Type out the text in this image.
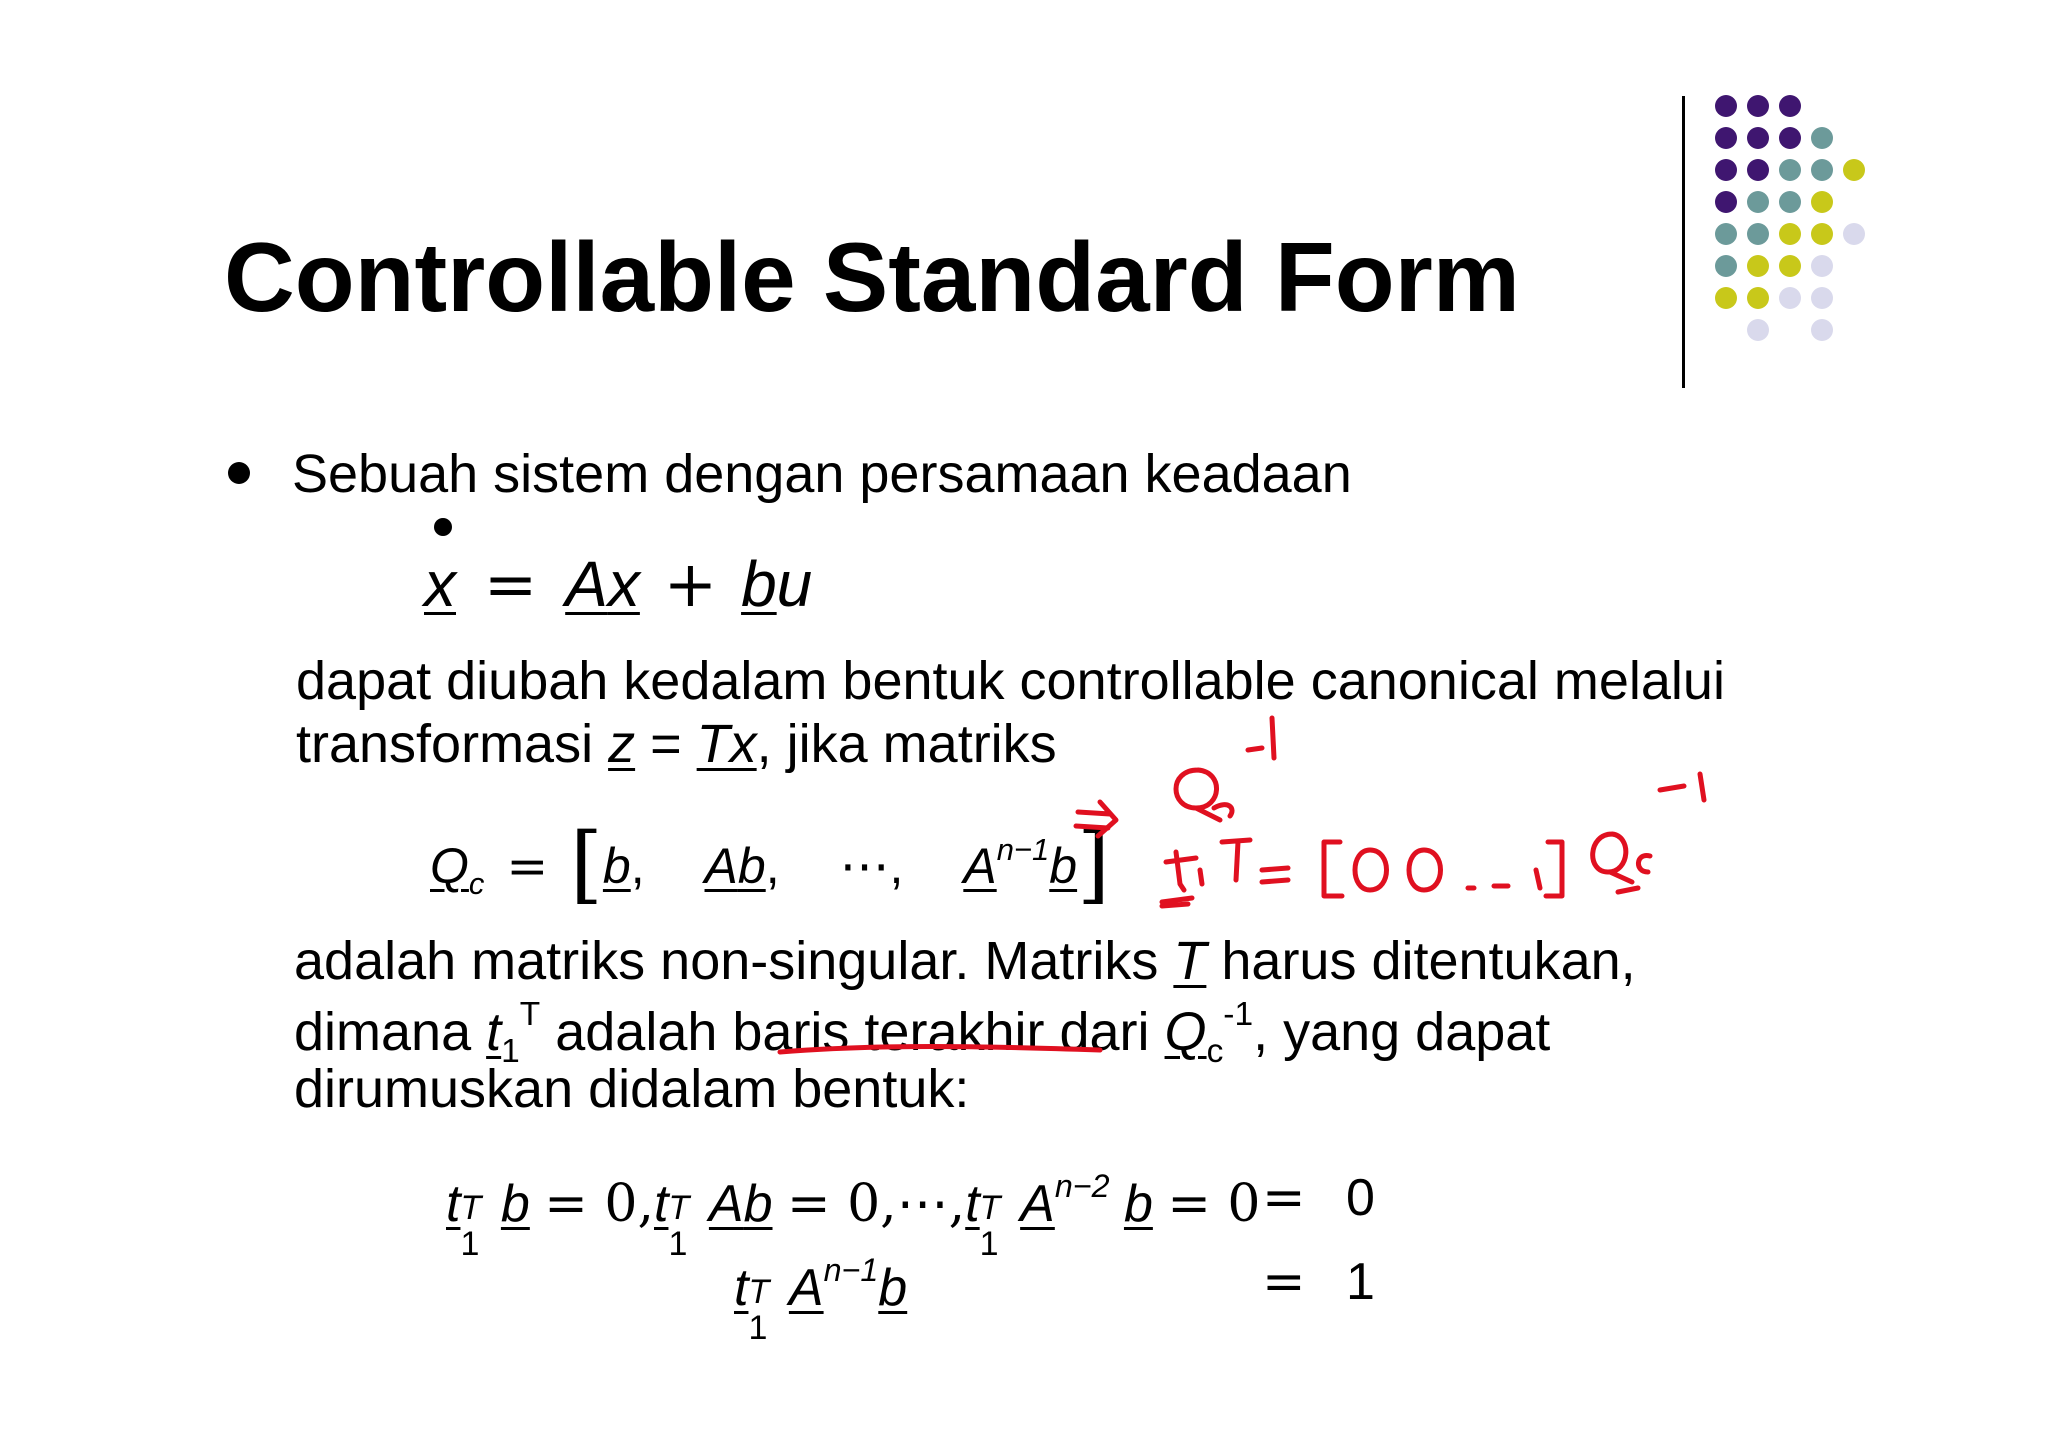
Controllable Standard Form
Sebuah sistem dengan persamaan keadaan
x = Ax + bu
dapat diubah kedalam bentuk controllable canonical melalui
transformasi z = Tx, jika matriks
$Q_c = [b$, Ab, ⋯, $A^{n-1}b$]
adalah matriks non-singular. Matriks T harus ditentukan,
dimana $t_1^T$ adalah baris terakhir dari $Q_c^{-1}$, yang dapat
dirumuskan didalam bentuk:
t T
1
b = 0,t T
1
Ab = 0,⋯,t T
1
$A^{n-2}$ b = 0 = 0
t T
1
$A^{n-1}b$	= 1
